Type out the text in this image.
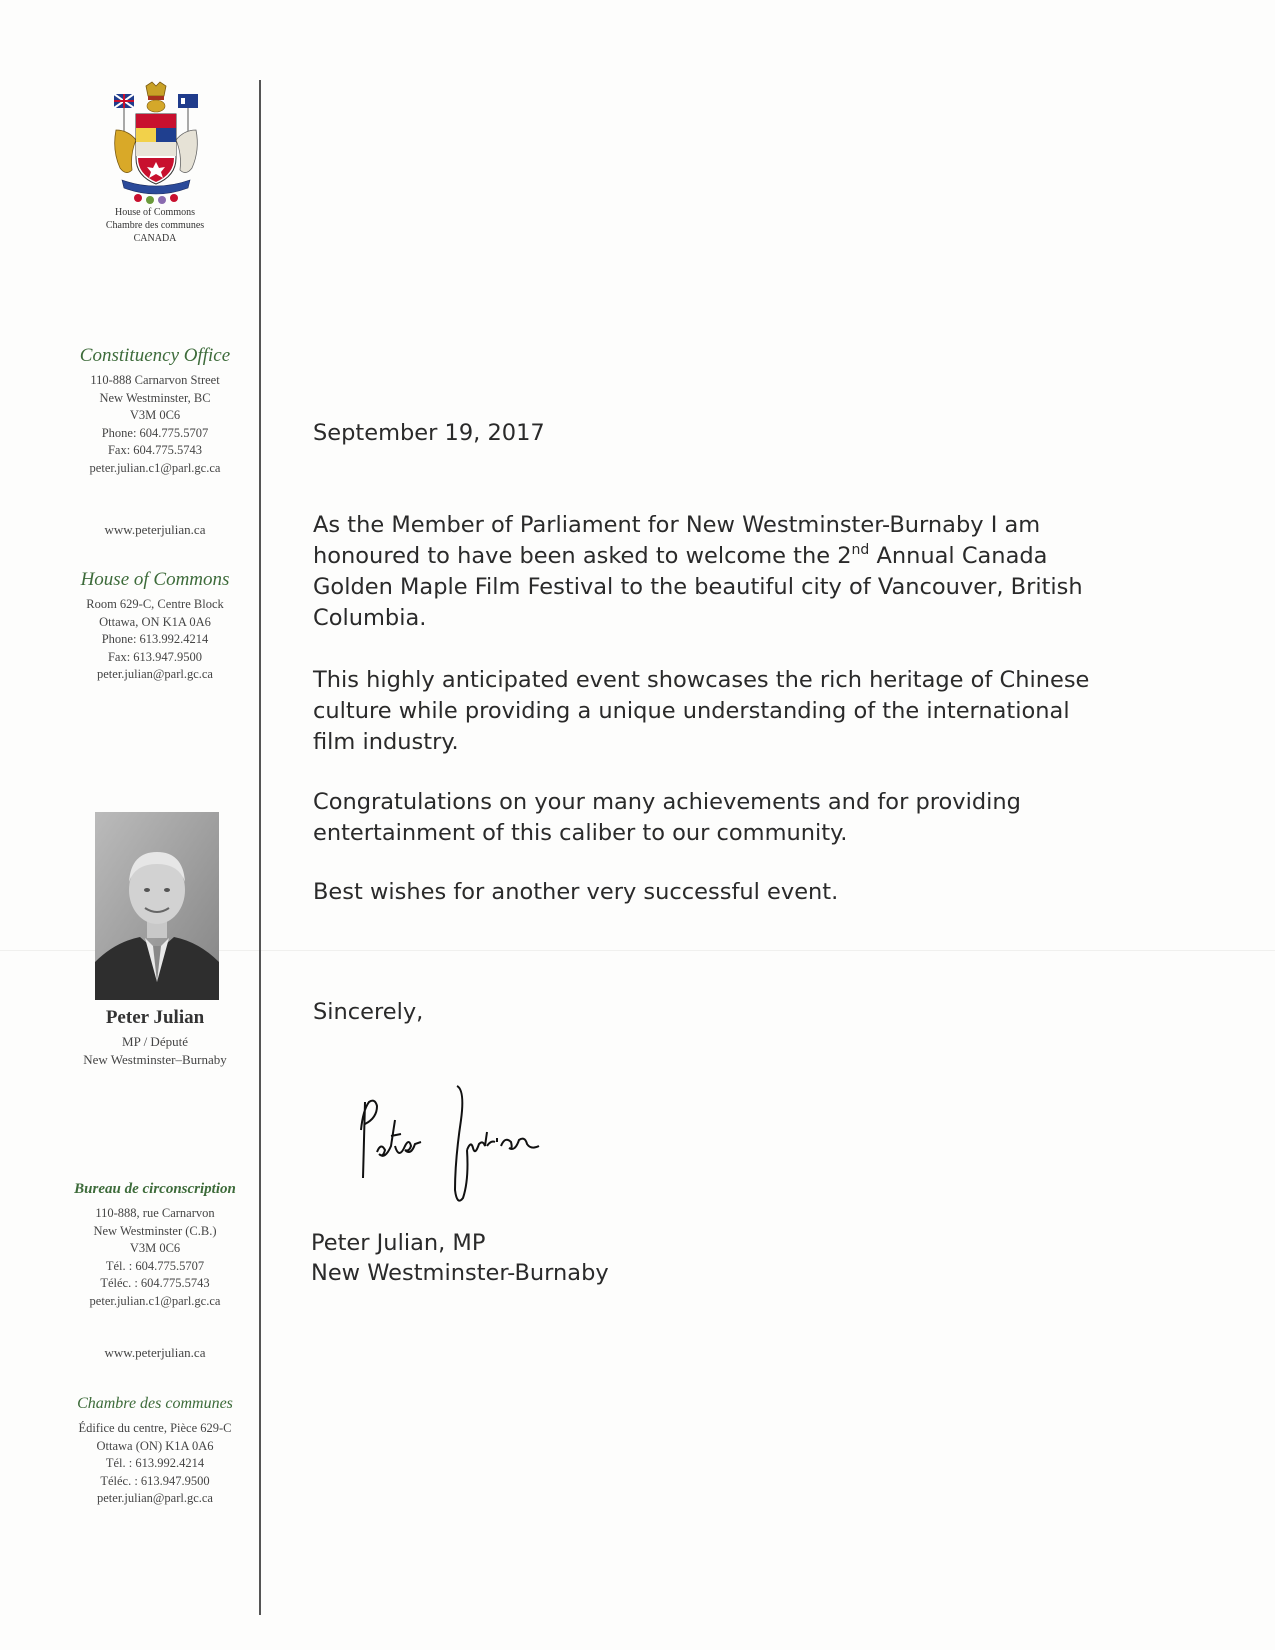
House of Commons
Chambre des communes
CANADA
Constituency Office
110-888 Carnarvon Street
New Westminster, BC
V3M 0C6
Phone: 604.775.5707
Fax: 604.775.5743
peter.julian.c1@parl.gc.ca
www.peterjulian.ca
House of Commons
Room 629-C, Centre Block
Ottawa, ON K1A 0A6
Phone: 613.992.4214
Fax: 613.947.9500
peter.julian@parl.gc.ca
Peter Julian
MP / Député
New Westminster–Burnaby
Bureau de circonscription
110-888, rue Carnarvon
New Westminster (C.B.)
V3M 0C6
Tél. : 604.775.5707
Téléc. : 604.775.5743
peter.julian.c1@parl.gc.ca
www.peterjulian.ca
Chambre des communes
Édifice du centre, Pièce 629-C
Ottawa (ON) K1A 0A6
Tél. : 613.992.4214
Téléc. : 613.947.9500
peter.julian@parl.gc.ca
September 19, 2017
As the Member of Parliament for New Westminster-Burnaby I am honoured to have been asked to welcome the 2nd Annual Canada Golden Maple Film Festival to the beautiful city of Vancouver, British Columbia.
This highly anticipated event showcases the rich heritage of Chinese culture while providing a unique understanding of the international film industry.
Congratulations on your many achievements and for providing entertainment of this caliber to our community.
Best wishes for another very successful event.
Sincerely,
Peter Julian, MP
New Westminster-Burnaby
